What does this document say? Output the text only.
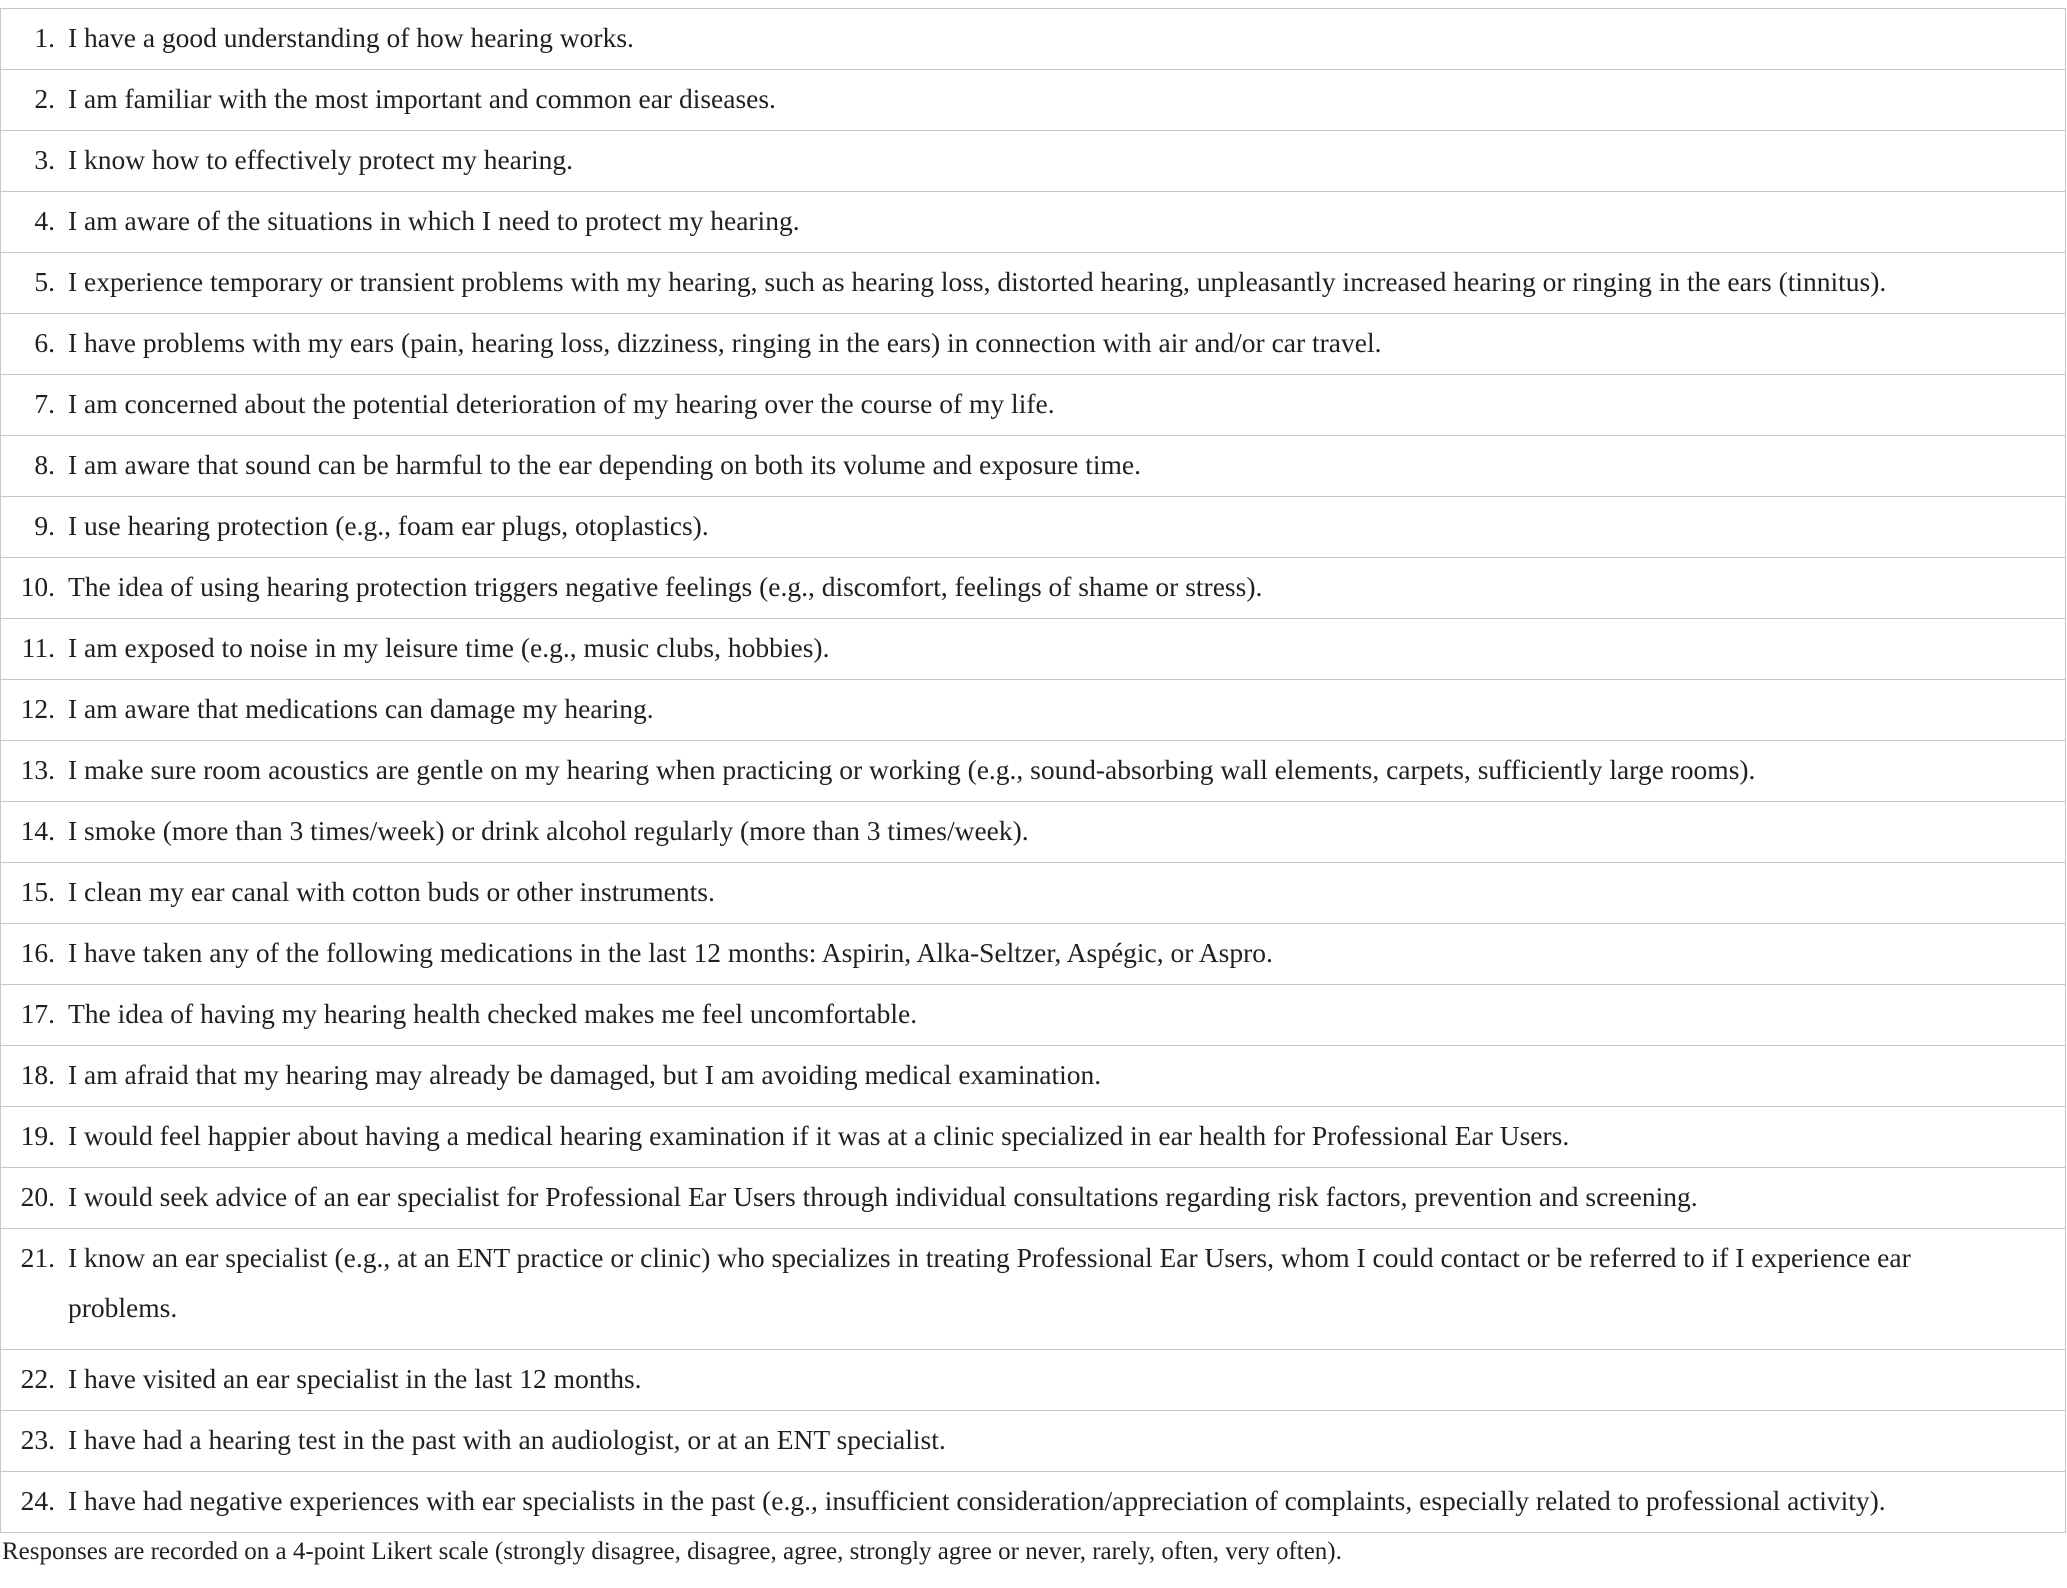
1. I have a good understanding of how hearing works.

2. I am familiar with the most important and common ear diseases.

3. I know how to effectively protect my hearing.

4. I am aware of the situations in which I need to protect my hearing.

5. I experience temporary or transient problems with my hearing, such as hearing loss, distorted hearing, unpleasantly increased hearing or ringing in the ears (tinnitus).

6. I have problems with my ears (pain, hearing loss, dizziness, ringing in the ears) in connection with air and/or car travel.

7. I am concerned about the potential deterioration of my hearing over the course of my life.

8. I am aware that sound can be harmful to the ear depending on both its volume and exposure time.

9. I use hearing protection (e.g., foam ear plugs, otoplastics).

10. The idea of using hearing protection triggers negative feelings (e.g., discomfort, feelings of shame or stress).

11. I am exposed to noise in my leisure time (e.g., music clubs, hobbies).

12. I am aware that medications can damage my hearing.

13. I make sure room acoustics are gentle on my hearing when practicing or working (e.g., sound-absorbing wall elements, carpets, sufficiently large rooms).

14. I smoke (more than 3 times/week) or drink alcohol regularly (more than 3 times/week).

15. I clean my ear canal with cotton buds or other instruments.

16. I have taken any of the following medications in the last 12 months: Aspirin, Alka-Seltzer, Aspégic, or Aspro.

17. The idea of having my hearing health checked makes me feel uncomfortable.

18. I am afraid that my hearing may already be damaged, but I am avoiding medical examination.

19. I would feel happier about having a medical hearing examination if it was at a clinic specialized in ear health for Professional Ear Users.

20. I would seek advice of an ear specialist for Professional Ear Users through individual consultations regarding risk factors, prevention and screening.

21. I know an ear specialist (e.g., at an ENT practice or clinic) who specializes in treating Professional Ear Users, whom I could contact or be referred to if I experience ear problems.

22. I have visited an ear specialist in the last 12 months.

23. I have had a hearing test in the past with an audiologist, or at an ENT specialist.

24. I have had negative experiences with ear specialists in the past (e.g., insufficient consideration/appreciation of complaints, especially related to professional activity).
Responses are recorded on a 4-point Likert scale (strongly disagree, disagree, agree, strongly agree or never, rarely, often, very often).
